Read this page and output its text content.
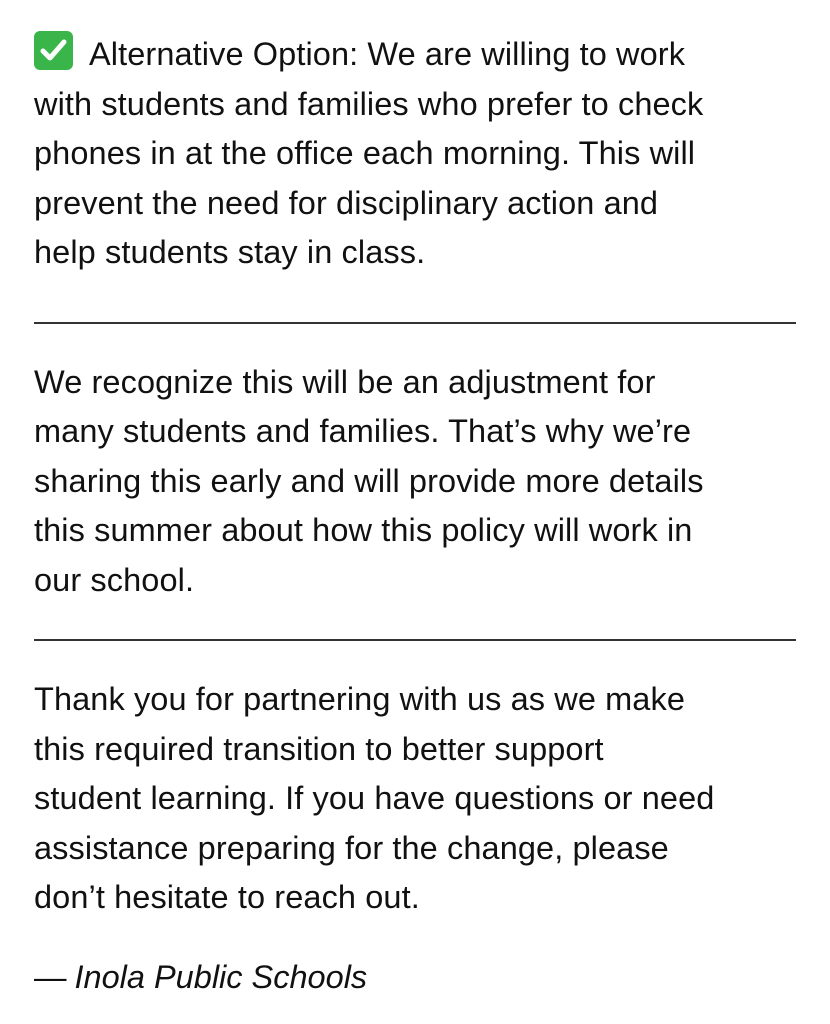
Alternative Option: We are willing to work
with students and families who prefer to check
phones in at the office each morning. This will
prevent the need for disciplinary action and
help students stay in class.

We recognize this will be an adjustment for
many students and families. That’s why we’re
sharing this early and will provide more details
this summer about how this policy will work in
our school.

Thank you for partnering with us as we make
this required transition to better support
student learning. If you have questions or need
assistance preparing for the change, please
don’t hesitate to reach out.

— Inola Public Schools
